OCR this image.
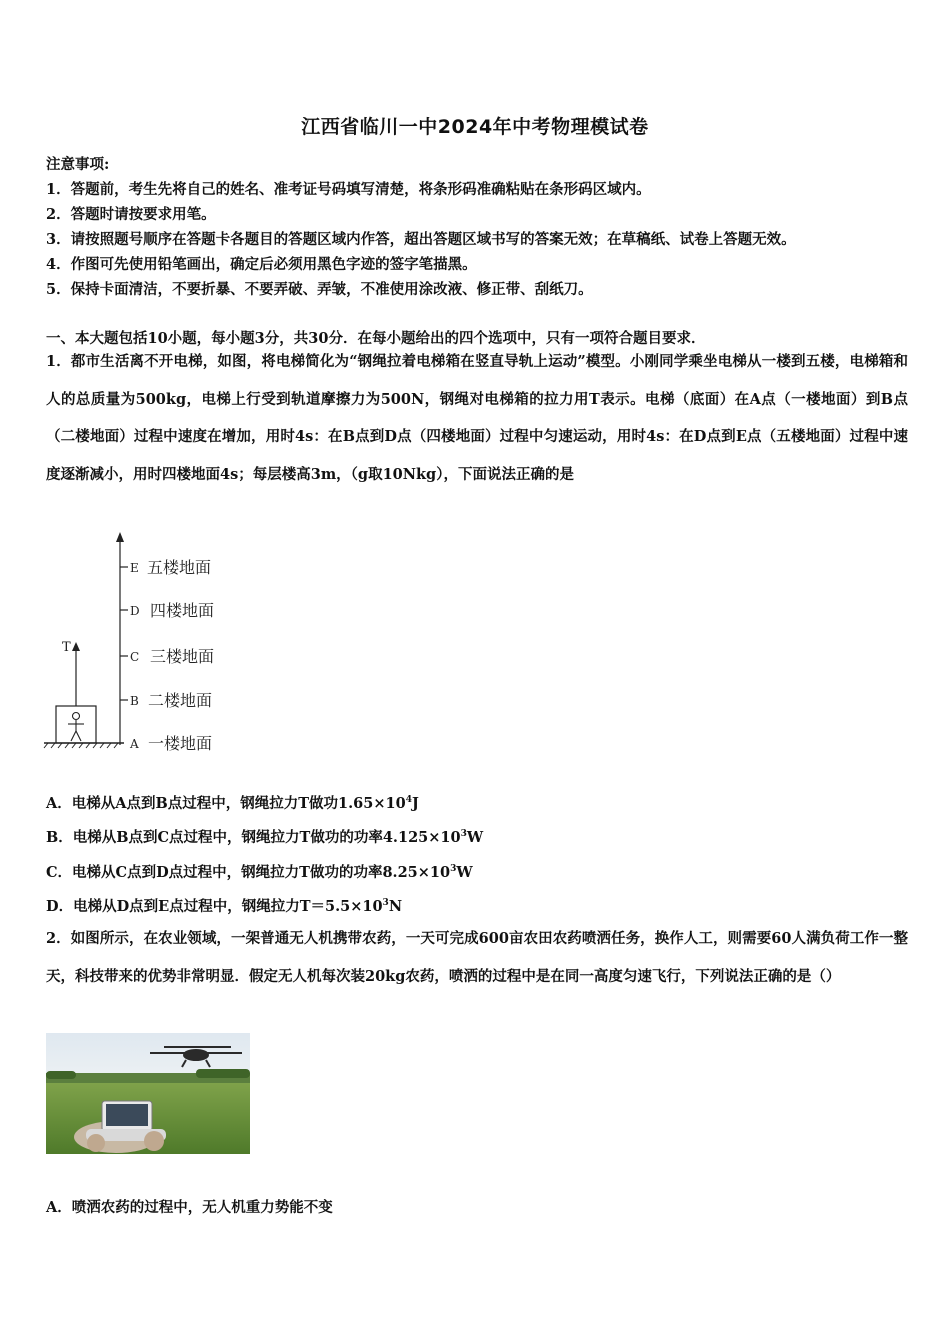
江西省临川一中2024年中考物理模试卷
注意事项:
1．答题前，考生先将自己的姓名、准考证号码填写清楚，将条形码准确粘贴在条形码区域内。
2．答题时请按要求用笔。
3．请按照题号顺序在答题卡各题目的答题区域内作答，超出答题区域书写的答案无效；在草稿纸、试卷上答题无效。
4．作图可先使用铅笔画出，确定后必须用黑色字迹的签字笔描黑。
5．保持卡面清洁，不要折暴、不要弄破、弄皱，不准使用涂改液、修正带、刮纸刀。
一、本大题包括10小题，每小题3分，共30分．在每小题给出的四个选项中，只有一项符合题目要求．
1．都市生活离不开电梯，如图，将电梯简化为“钢绳拉着电梯箱在竖直导轨上运动”模型。小刚同学乘坐电梯从一楼到五楼，电梯箱和人的总质量为500kg，电梯上行受到轨道摩擦力为500N，钢绳对电梯箱的拉力用T表示。电梯（底面）在A点（一楼地面）到B点（二楼地面）过程中速度在增加，用时4s：在B点到D点（四楼地面）过程中匀速运动，用时4s：在D点到E点（五楼地面）过程中速度逐渐减小，用时四楼地面4s；每层楼高3m，（g取10Nkg），下面说法正确的是
E
D
C
B
A
五楼地面
四楼地面
三楼地面
二楼地面
一楼地面
T
A．电梯从A点到B点过程中，钢绳拉力T做功$1.65\times 10^4J$
B．电梯从B点到C点过程中，钢绳拉力T做功的功率$4.125\times 10^3W$
C．电梯从C点到D点过程中，钢绳拉力T做功的功率$8.25\times 10^3W$
D．电梯从D点到E点过程中，钢绳拉力$T=5.5\times 10^3N$
2．如图所示，在农业领域，一架普通无人机携带农药，一天可完成600亩农田农药喷洒任务，换作人工，则需要60人满负荷工作一整天，科技带来的优势非常明显．假定无人机每次装20kg农药，喷洒的过程中是在同一高度匀速飞行，下列说法正确的是（）
A．喷洒农药的过程中，无人机重力势能不变
